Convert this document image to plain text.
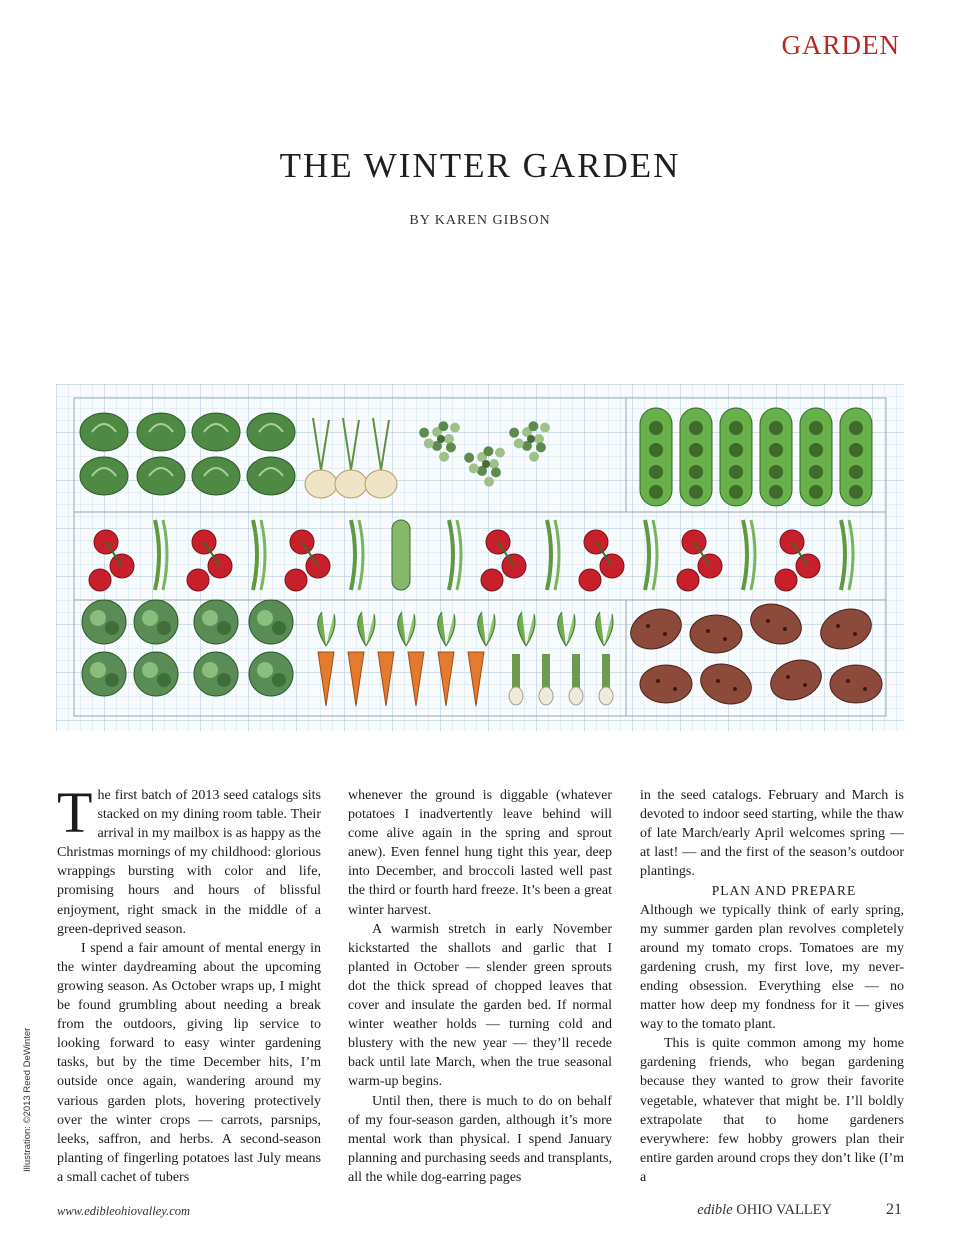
GARDEN
THE WINTER GARDEN
BY KAREN GIBSON
Illustration: ©2013 Reed DeWinter

The first batch of 2013 seed catalogs sits stacked on my dining room table. Their arrival in my mailbox is as happy as the Christmas mornings of my childhood: glorious wrappings bursting with color and life, promising hours and hours of blissful enjoyment, right smack in the middle of a green-deprived season.

I spend a fair amount of mental energy in the winter daydreaming about the upcoming growing season. As October wraps up, I might be found grumbling about needing a break from the outdoors, giving lip service to looking forward to easy winter gardening tasks, but by the time December hits, I’m outside once again, wandering around my various garden plots, hovering protectively over the winter crops — carrots, parsnips, leeks, saffron, and herbs. A second-season planting of fingerling potatoes last July means a small cachet of tubers

whenever the ground is diggable (whatever potatoes I inadvertently leave behind will come alive again in the spring and sprout anew). Even fennel hung tight this year, deep into December, and broccoli lasted well past the third or fourth hard freeze. It’s been a great winter harvest.

A warmish stretch in early November kickstarted the shallots and garlic that I planted in October — slender green sprouts dot the thick spread of chopped leaves that cover and insulate the garden bed. If normal winter weather holds — turning cold and blustery with the new year — they’ll recede back until late March, when the true seasonal warm-up begins.

Until then, there is much to do on behalf of my four-season garden, although it’s more mental work than physical. I spend January planning and purchasing seeds and transplants, all the while dog-earring pages

in the seed catalogs. February and March is devoted to indoor seed starting, while the thaw of late March/early April welcomes spring — at last! — and the first of the season’s outdoor plantings.

PLAN AND PREPARE

Although we typically think of early spring, my summer garden plan revolves completely around my tomato crops. Tomatoes are my gardening crush, my first love, my never-ending obsession. Everything else — no matter how deep my fondness for it — gives way to the tomato plant.

This is quite common among my home gardening friends, who began gardening because they wanted to grow their favorite vegetable, whatever that might be. I’ll boldly extrapolate that to home gardeners everywhere: few hobby growers plan their entire garden around crops they don’t like (I’m a

www.edibleohiovalley.com	edible OHIO VALLEY	21
